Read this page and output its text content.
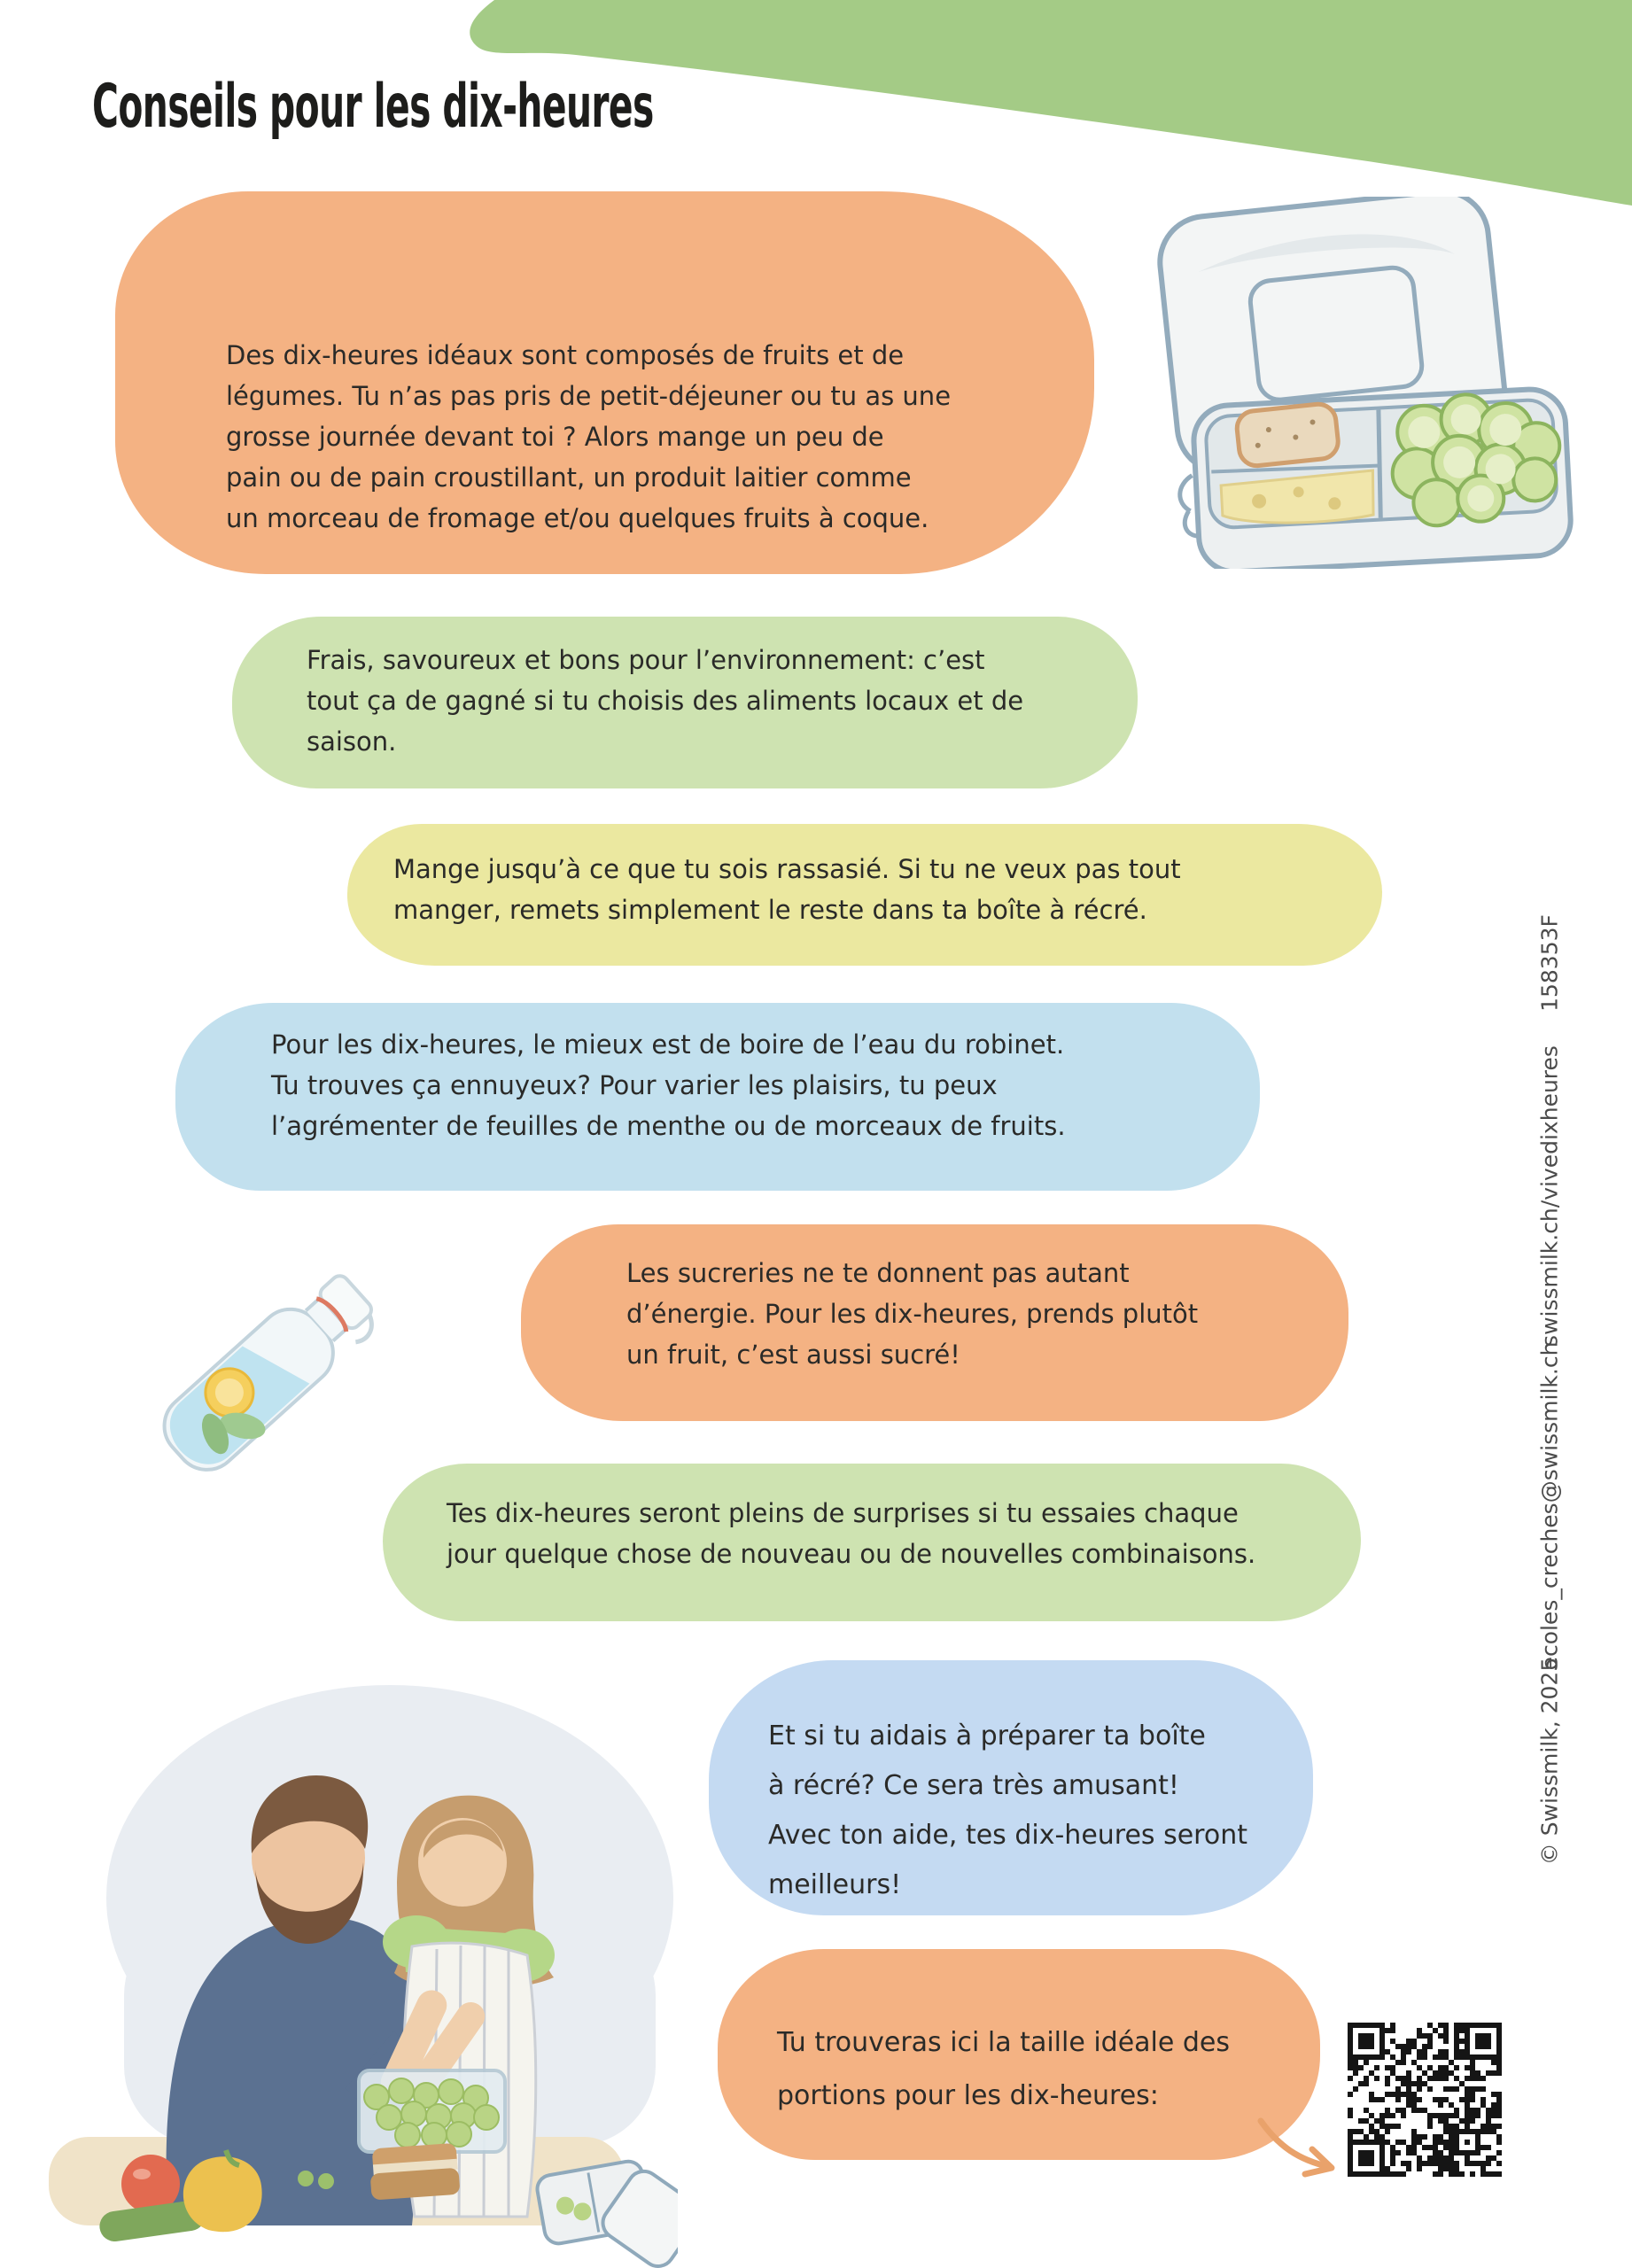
Conseils pour les dix-heures
Des dix-heures idéaux sont composés de fruits et de
légumes. Tu n’as pas pris de petit-déjeuner ou tu as une
grosse journée devant toi ? Alors mange un peu de
pain ou de pain croustillant, un produit laitier comme
un morceau de fromage et/ou quelques fruits à coque.
Frais, savoureux et bons pour l’environnement: c’est
tout ça de gagné si tu choisis des aliments locaux et de
saison.
Mange jusqu’à ce que tu sois rassasié. Si tu ne veux pas tout
manger, remets simplement le reste dans ta boîte à récré.
Pour les dix-heures, le mieux est de boire de l’eau du robinet.
Tu trouves ça ennuyeux? Pour varier les plaisirs, tu peux
l’agrémenter de feuilles de menthe ou de morceaux de fruits.
Les sucreries ne te donnent pas autant
d’énergie. Pour les dix-heures, prends plutôt
un fruit, c’est aussi sucré!
Tes dix-heures seront pleins de surprises si tu essaies chaque
jour quelque chose de nouveau ou de nouvelles combinaisons.
Et si tu aidais à préparer ta boîte
à récré? Ce sera très amusant!
Avec ton aide, tes dix-heures seront
meilleurs!
Tu trouveras ici la taille idéale des
portions pour les dix-heures:
158353F
swissmilk.ch/vivedixheures
ecoles_creches@swissmilk.ch
© Swissmilk, 2025
